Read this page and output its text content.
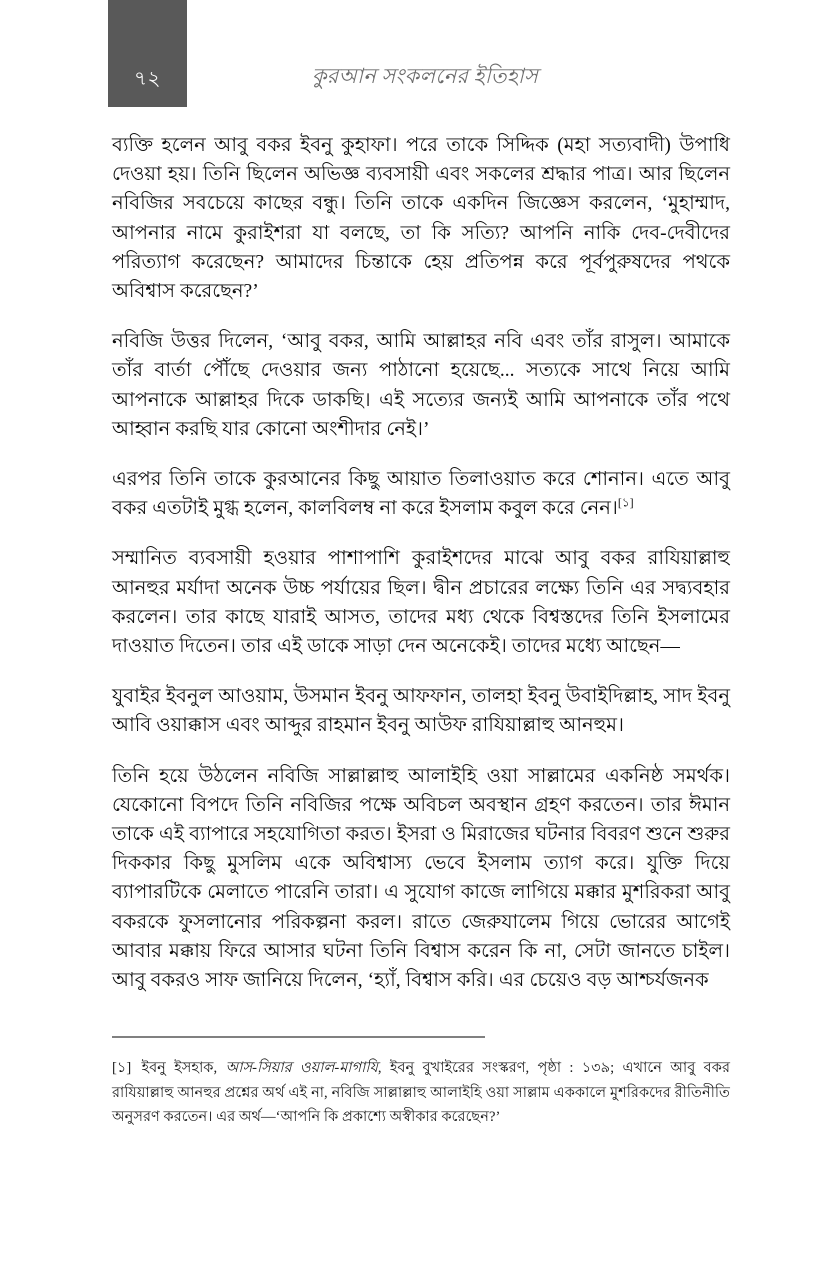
৭২	কুরআন সংকলনের ইতিহাস

ব্যক্তি হলেন আবু বকর ইবনু কুহাফা। পরে তাকে সিদ্দিক (মহা সত্যবাদী) উপাধি দেওয়া হয়। তিনি ছিলেন অভিজ্ঞ ব্যবসায়ী এবং সকলের শ্রদ্ধার পাত্র। আর ছিলেন নবিজির সবচেয়ে কাছের বন্ধু। তিনি তাকে একদিন জিজ্ঞেস করলেন, ‘মুহাম্মাদ, আপনার নামে কুরাইশরা যা বলছে, তা কি সত্যি? আপনি নাকি দেব-দেবীদের পরিত্যাগ করেছেন? আমাদের চিন্তাকে হেয় প্রতিপন্ন করে পূর্বপুরুষদের পথকে অবিশ্বাস করেছেন?’

নবিজি উত্তর দিলেন, ‘আবু বকর, আমি আল্লাহর নবি এবং তাঁর রাসুল। আমাকে তাঁর বার্তা পৌঁছে দেওয়ার জন্য পাঠানো হয়েছে... সত্যকে সাথে নিয়ে আমি আপনাকে আল্লাহর দিকে ডাকছি। এই সত্যের জন্যই আমি আপনাকে তাঁর পথে আহ্বান করছি যার কোনো অংশীদার নেই।’

এরপর তিনি তাকে কুরআনের কিছু আয়াত তিলাওয়াত করে শোনান। এতে আবু বকর এতটাই মুগ্ধ হলেন, কালবিলম্ব না করে ইসলাম কবুল করে নেন।[১]

সম্মানিত ব্যবসায়ী হওয়ার পাশাপাশি কুরাইশদের মাঝে আবু বকর রাযিয়াল্লাহু আনহুর মর্যাদা অনেক উচ্চ পর্যায়ের ছিল। দ্বীন প্রচারের লক্ষ্যে তিনি এর সদ্ব্যবহার করলেন। তার কাছে যারাই আসত, তাদের মধ্য থেকে বিশ্বস্তদের তিনি ইসলামের দাওয়াত দিতেন। তার এই ডাকে সাড়া দেন অনেকেই। তাদের মধ্যে আছেন—

যুবাইর ইবনুল আওয়াম, উসমান ইবনু আফফান, তালহা ইবনু উবাইদিল্লাহ, সাদ ইবনু আবি ওয়াক্কাস এবং আব্দুর রাহমান ইবনু আউফ রাযিয়াল্লাহু আনহুম।

তিনি হয়ে উঠলেন নবিজি সাল্লাল্লাহু আলাইহি ওয়া সাল্লামের একনিষ্ঠ সমর্থক। যেকোনো বিপদে তিনি নবিজির পক্ষে অবিচল অবস্থান গ্রহণ করতেন। তার ঈমান তাকে এই ব্যাপারে সহযোগিতা করত। ইসরা ও মিরাজের ঘটনার বিবরণ শুনে শুরুর দিককার কিছু মুসলিম একে অবিশ্বাস্য ভেবে ইসলাম ত্যাগ করে। যুক্তি দিয়ে ব্যাপারটিকে মেলাতে পারেনি তারা। এ সুযোগ কাজে লাগিয়ে মক্কার মুশরিকরা আবু বকরকে ফুসলানোর পরিকল্পনা করল। রাতে জেরুযালেম গিয়ে ভোরের আগেই আবার মক্কায় ফিরে আসার ঘটনা তিনি বিশ্বাস করেন কি না, সেটা জানতে চাইল। আবু বকরও সাফ জানিয়ে দিলেন, ‘হ্যাঁ, বিশ্বাস করি। এর চেয়েও বড় আশ্চর্যজনক

[১] ইবনু ইসহাক, আস-সিয়ার ওয়াল-মাগাযি, ইবনু বুখাইরের সংস্করণ, পৃষ্ঠা : ১৩৯; এখানে আবু বকর রাযিয়াল্লাহু আনহুর প্রশ্নের অর্থ এই না, নবিজি সাল্লাল্লাহু আলাইহি ওয়া সাল্লাম এককালে মুশরিকদের রীতিনীতি অনুসরণ করতেন। এর অর্থ—‘আপনি কি প্রকাশ্যে অস্বীকার করেছেন?’
